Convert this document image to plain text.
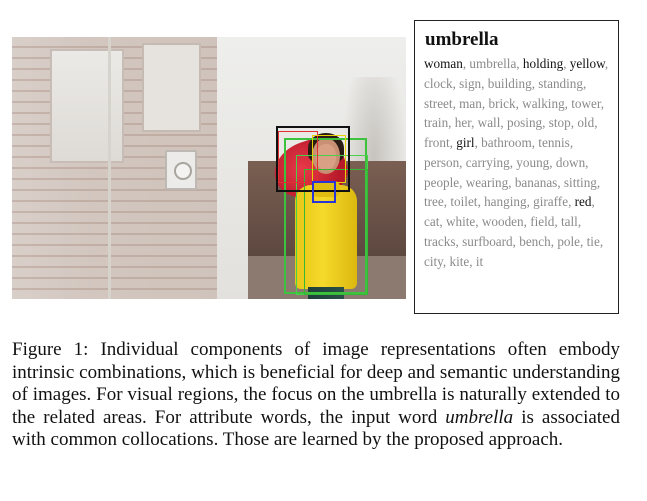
umbrella
woman, umbrella, holding, yellow, clock, sign, building, standing, street, man, brick, walking, tower, train, her, wall, posing, stop, old, front, girl, bathroom, tennis, person, carrying, young, down, people, wearing, bananas, sitting, tree, toilet, hanging, giraffe, red, cat, white, wooden, field, tall, tracks, surfboard, bench, pole, tie, city, kite, it

Figure 1: Individual components of image representations often embody intrinsic combinations, which is beneficial for deep and semantic understanding of images. For visual regions, the focus on the umbrella is naturally extended to the related areas. For attribute words, the input word umbrella is associated with common collocations. Those are learned by the proposed approach.
